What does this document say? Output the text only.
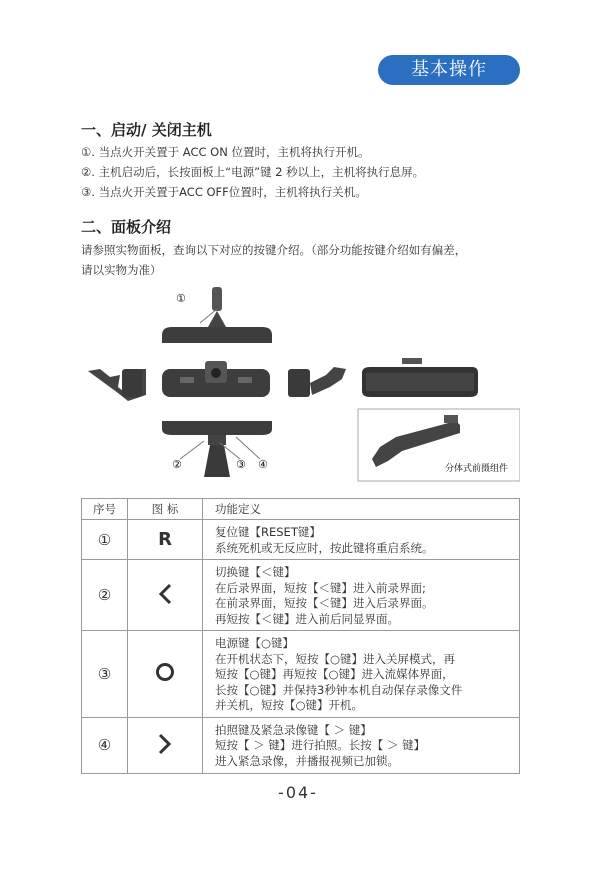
基本操作
一、启动/ 关闭主机
①. 当点火开关置于 ACC ON 位置时，主机将执行开机。
②. 主机启动后，长按面板上“电源”键 2 秒以上，主机将执行息屏。
③. 当点火开关置于ACC OFF位置时，主机将执行关机。
二、面板介绍
请参照实物面板，查询以下对应的按键介绍。（部分功能按键介绍如有偏差，
请以实物为准）
①
②	③ ④	分体式前摄组件
序号	图 标	功能定义
①	R	复位键【RESET键】
系统死机或无反应时，按此键将重启系统。

②		切换键【＜键】
在后录界面，短按【＜键】进入前录界面;
在前录界面，短按【＜键】进入后录界面。
再短按【＜键】进入前后同显界面。

③		电源键【○键】
在开机状态下，短按【○键】进入关屏模式，再
短按【○键】再短按【○键】进入流媒体界面，
长按【○键】并保持3秒钟本机自动保存录像文件
并关机，短按【○键】开机。

④		拍照键及紧急录像键【 ＞ 键】
短按【 ＞ 键】进行拍照。长按【 ＞ 键】
进入紧急录像，并播报视频已加锁。
-04-
